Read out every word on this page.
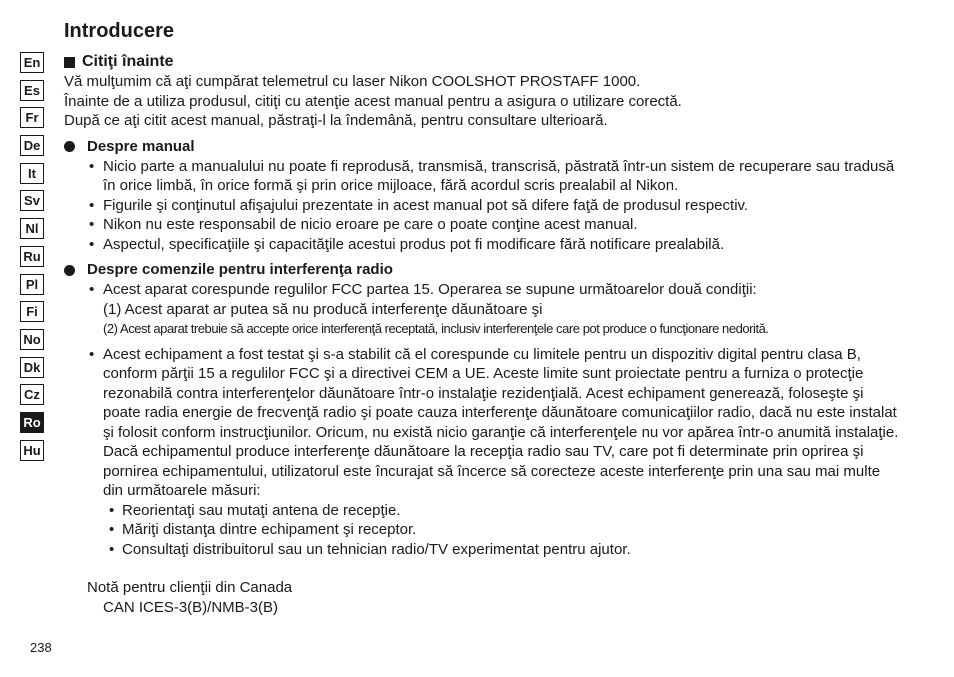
Introducere
En
Es
Fr
De
It
Sv
Nl
Ru
Pl
Fi
No
Dk
Cz
Ro
Hu
Citiţi înainte

Vă mulţumim că aţi cumpărat telemetrul cu laser Nikon COOLSHOT PROSTAFF 1000.

Înainte de a utiliza produsul, citiţi cu atenţie acest manual pentru a asigura o utilizare corectă.

După ce aţi citit acest manual, păstraţi-l la îndemână, pentru consultare ulterioară.

Despre manual
• Nicio parte a manualului nu poate fi reprodusă, transmisă, transcrisă, păstrată într-un sistem de recuperare sau tradusă în orice limbă, în orice formă şi prin orice mijloace, fără acordul scris prealabil al Nikon.
• Figurile şi conţinutul afişajului prezentate in acest manual pot să difere faţă de produsul respectiv.
• Nikon nu este responsabil de nicio eroare pe care o poate conţine acest manual.
• Aspectul, specificaţiile şi capacităţile acestui produs pot fi modificare fără notificare prealabilă.
Despre comenzile pentru interferenţa radio
• Acest aparat corespunde regulilor FCC partea 15. Operarea se supune următoarelor două condiţii:

(1) Acest aparat ar putea să nu producă interferenţe dăunătoare şi

(2) Acest aparat trebuie să accepte orice interferenţă receptată, inclusiv interferenţele care pot produce o funcţionare nedorită.

• Acest echipament a fost testat şi s-a stabilit că el corespunde cu limitele pentru un dispozitiv digital pentru clasa B, conform părţii 15 a regulilor FCC şi a directivei CEM a UE. Aceste limite sunt proiectate pentru a furniza o protecţie rezonabilă contra interferenţelor dăunătoare într-o instalaţie rezidenţială. Acest echipament generează, foloseşte şi poate radia energie de frecvenţă radio şi poate cauza interferenţe dăunătoare comunicaţiilor radio, dacă nu este instalat şi folosit conform instrucţiunilor. Oricum, nu există nicio garanţie că interferenţele nu vor apărea într-o anumită instalaţie. Dacă echipamentul produce interferenţe dăunătoare la recepţia radio sau TV, care pot fi determinate prin oprirea şi pornirea echipamentului, utilizatorul este încurajat să încerce să corecteze aceste interferenţe prin una sau mai multe din următoarele măsuri:
• Reorientaţi sau mutaţi antena de recepţie.
• Măriţi distanţa dintre echipament şi receptor.
• Consultaţi distribuitorul sau un tehnician radio/TV experimentat pentru ajutor.

Notă pentru clienţii din Canada

CAN ICES-3(B)/NMB-3(B)

238
